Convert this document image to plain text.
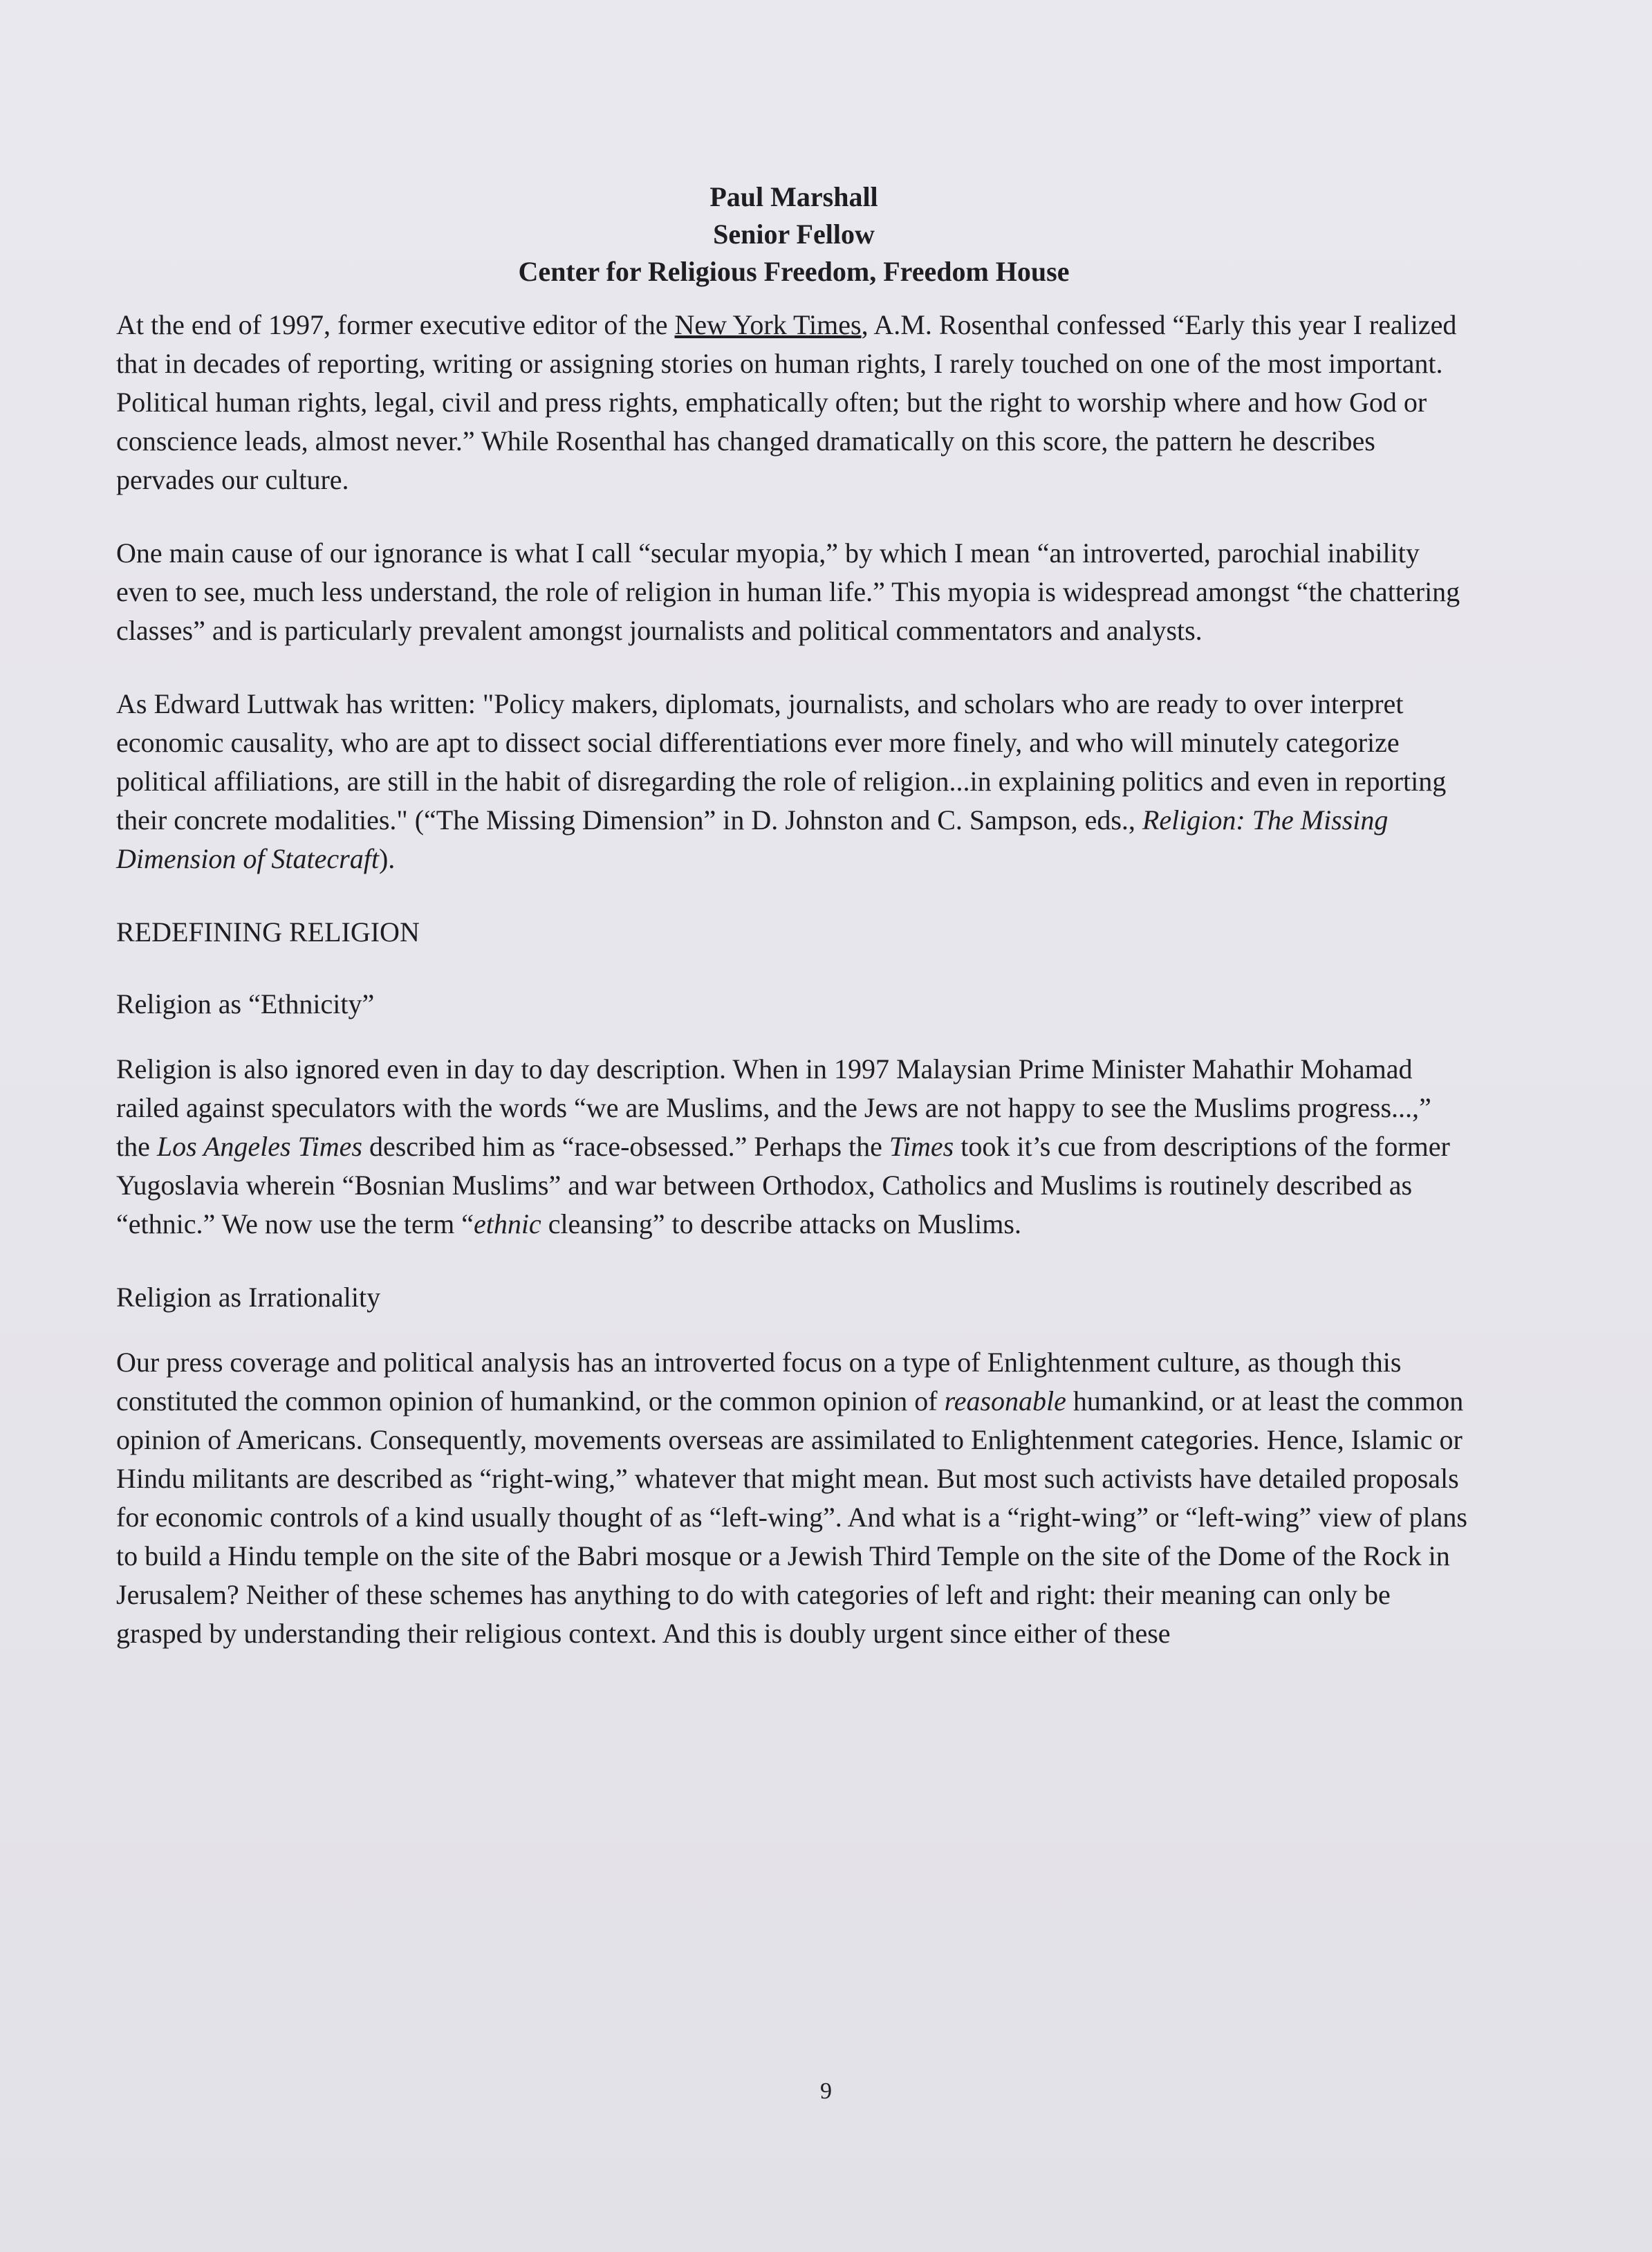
Paul Marshall
Senior Fellow
Center for Religious Freedom, Freedom House

At the end of 1997, former executive editor of the New York Times, A.M. Rosenthal confessed “Early this year I realized that in decades of reporting, writing or assigning stories on human rights, I rarely touched on one of the most important. Political human rights, legal, civil and press rights, emphatically often; but the right to worship where and how God or conscience leads, almost never.” While Rosenthal has changed dramatically on this score, the pattern he describes pervades our culture.

One main cause of our ignorance is what I call “secular myopia,” by which I mean “an introverted, parochial inability even to see, much less understand, the role of religion in human life.” This myopia is widespread amongst “the chattering classes” and is particularly prevalent amongst journalists and political commentators and analysts.

As Edward Luttwak has written: "Policy makers, diplomats, journalists, and scholars who are ready to over interpret economic causality, who are apt to dissect social differentiations ever more finely, and who will minutely categorize political affiliations, are still in the habit of disregarding the role of religion...in explaining politics and even in reporting their concrete modalities." (“The Missing Dimension” in D. Johnston and C. Sampson, eds., Religion: The Missing Dimension of Statecraft).

REDEFINING RELIGION
Religion as “Ethnicity”

Religion is also ignored even in day to day description. When in 1997 Malaysian Prime Minister Mahathir Mohamad railed against speculators with the words “we are Muslims, and the Jews are not happy to see the Muslims progress...,” the Los Angeles Times described him as “race-obsessed.” Perhaps the Times took it’s cue from descriptions of the former Yugoslavia wherein “Bosnian Muslims” and war between Orthodox, Catholics and Muslims is routinely described as “ethnic.” We now use the term “ethnic cleansing” to describe attacks on Muslims.

Religion as Irrationality

Our press coverage and political analysis has an introverted focus on a type of Enlightenment culture, as though this constituted the common opinion of humankind, or the common opinion of reasonable humankind, or at least the common opinion of Americans. Consequently, movements overseas are assimilated to Enlightenment categories. Hence, Islamic or Hindu militants are described as “right-wing,” whatever that might mean. But most such activists have detailed proposals for economic controls of a kind usually thought of as “left-wing”. And what is a “right-wing” or “left-wing” view of plans to build a Hindu temple on the site of the Babri mosque or a Jewish Third Temple on the site of the Dome of the Rock in Jerusalem? Neither of these schemes has anything to do with categories of left and right: their meaning can only be grasped by understanding their religious context. And this is doubly urgent since either of these

9
